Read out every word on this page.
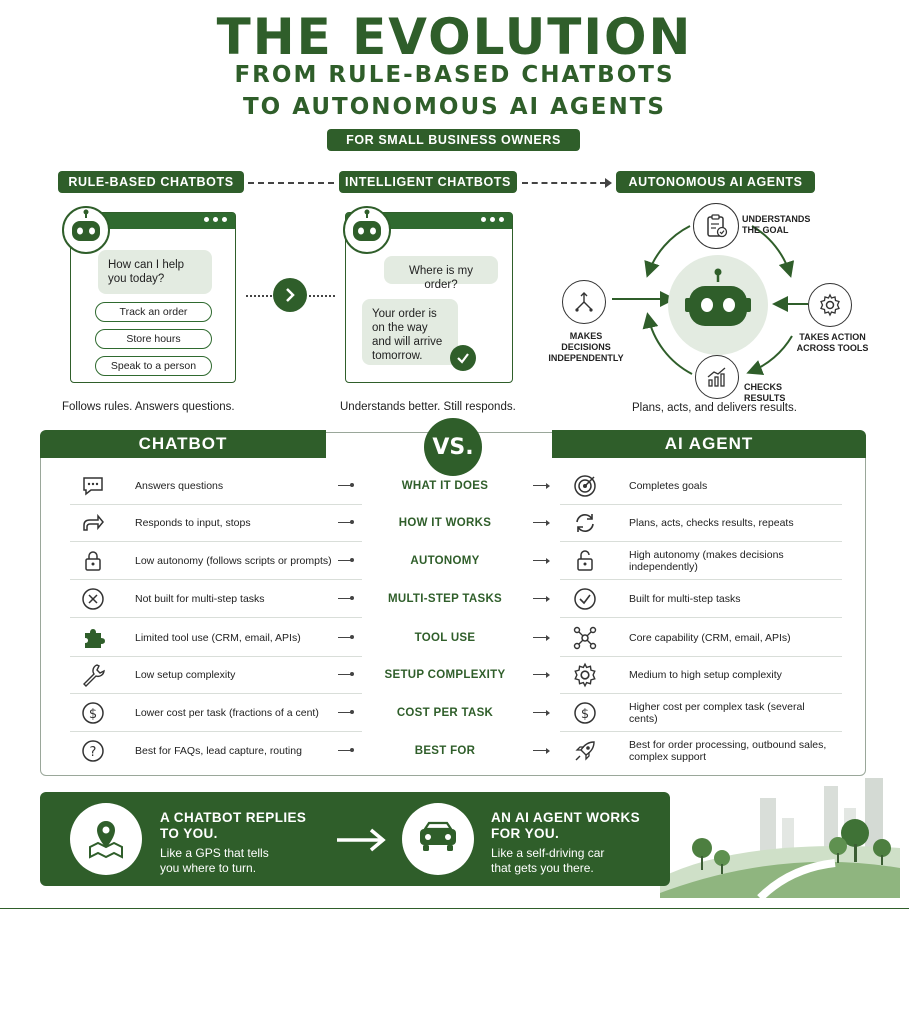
THE EVOLUTION
FROM RULE-BASED CHATBOTS
TO AUTONOMOUS AI AGENTS
FOR SMALL BUSINESS OWNERS
RULE-BASED CHATBOTS	INTELLIGENT CHATBOTS	AUTONOMOUS AI AGENTS
How can I help you today?
Track an order
Store hours
Speak to a person
Follows rules. Answers questions.
Where is my order?
Your order is on the way and will arrive tomorrow.
Understands better. Still responds.
UNDERSTANDS THE GOAL
TAKES ACTION ACROSS TOOLS
CHECKS RESULTS
MAKES DECISIONS INDEPENDENTLY
Plans, acts, and delivers results.
CHATBOT	AI AGENT
VS.
Answers questions	WHAT IT DOES	Completes goals
Responds to input, stops	HOW IT WORKS	Plans, acts, checks results, repeats
Low autonomy (follows scripts or prompts)	AUTONOMY	High autonomy (makes decisions independently)
Not built for multi-step tasks	MULTI-STEP TASKS	Built for multi-step tasks
Limited tool use (CRM, email, APIs)	TOOL USE	Core capability (CRM, email, APIs)
Low setup complexity	SETUP COMPLEXITY	Medium to high setup complexity
$	Lower cost per task (fractions of a cent)	COST PER TASK	$	Higher cost per complex task (several cents)
?	Best for FAQs, lead capture, routing	BEST FOR	Best for order processing, outbound sales, complex support
A CHATBOT REPLIES TO YOU.
Like a GPS that tells you where to turn.
AN AI AGENT WORKS FOR YOU.
Like a self-driving car that gets you there.
